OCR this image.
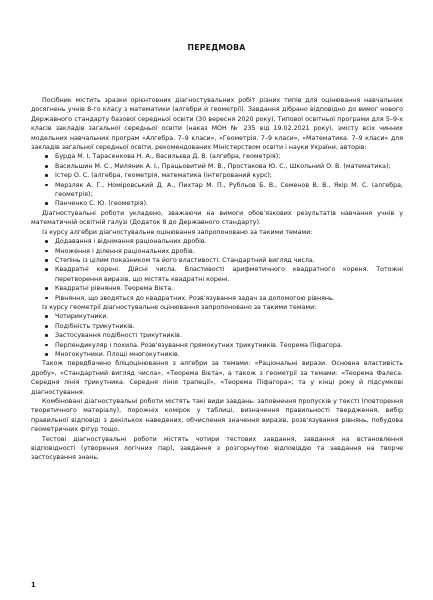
ПЕРЕДМОВА

Посібник містить зразки орієнтовних діагностувальних робіт різних типів для оцінювання навчальних досягнень учнів 8-го класу з математики (алгебри й геометрії). Завдання дібрано відповідно до вимог нового Державного стандарту базової середньої освіти (30 вересня 2020 року), Типової освітньої програми для 5–9-х класів закладів загальної середньої освіти (наказ МОН № 235 від 19.02.2021 року), змісту всіх чинних модельних навчальних програм «Алгебра. 7–9 класи», «Геометрія. 7–9 класи», «Математика. 7–9 класи» для закладів загальної середньої освіти, рекомендованих Міністерством освіти і науки України, авторів:

Бурда М. І, Тарасенкова Н. А., Васильєва Д. В. (алгебра, геометрія);
Васильшин М. С., Миляник А. І., Працьовитий М. В., Простакова Ю. С., Школьний О. В. (математика);
Істер О. С. (алгебра, геометрія, математика (інтегрований курс);
Мерзляк А. Г., Номіровський Д. А., Пихтар М. П., Рубльов Б. В., Семенов В. В., Якір М. С. (алгебра, геометрія);
Панченко С. Ю. (геометрія).

Діагностувальні роботи укладено, зважаючи на вимоги обов'язкових результатів навчання учнів у математичній освітній галузі (Додаток 8 до Державного стандарту).

Із курсу алгебри діагностувальне оцінювання запропоновано за такими темами:

Додавання і віднімання раціональних дробів.
Множення і ділення раціональних дробів.
Степінь із цілим показником та його властивості. Стандартний вигляд числа.
Квадратні корені. Дійсні числа. Властивості арифметичного квадратного кореня. Тотожні перетворення виразів, що містять квадратні корені.
Квадратні рівняння. Теорема Вієта.
Рівняння, що зводяться до квадратних. Розв'язування задач за допомогою рівнянь.

Із курсу геометрії діагностувальне оцінювання запропоновано за такими темами:

Чотирикутники.
Подібність трикутників.
Застосування подібності трикутників.
Перпендикуляр і похила. Розв'язування прямокутних трикутників. Теорема Піфагора.
Многокутники. Площі многокутників.

Також передбачено бліцоцінювання з алгебри за темами: «Раціональні вирази. Основна властивість дробу», «Стандартний вигляд числа», «Теорема Вієта», а також з геометрії за темами: «Теорема Фалеса. Середня лінія трикутника. Середня лінія трапеції», «Теорема Піфагора»; та у кінці року й підсумкові діагностування.

Комбіновані діагностувальні роботи містять такі види завдань: заповнення пропусків у тексті (повторення теоретичного матеріалу), порожніх комірок у таблиці, визначення правильності твердження, вибір правильної відповіді з декількох наведених, обчислення значення виразів, розв'язування рівнянь, побудова геометричних фігур тощо.

Тестові діагностувальні роботи містять чотири тестових завдання, завдання на встановлення відповідності (утворення логічних пар), завдання з розгорнутою відповіддю та завдання на творче застосування знань.

1
